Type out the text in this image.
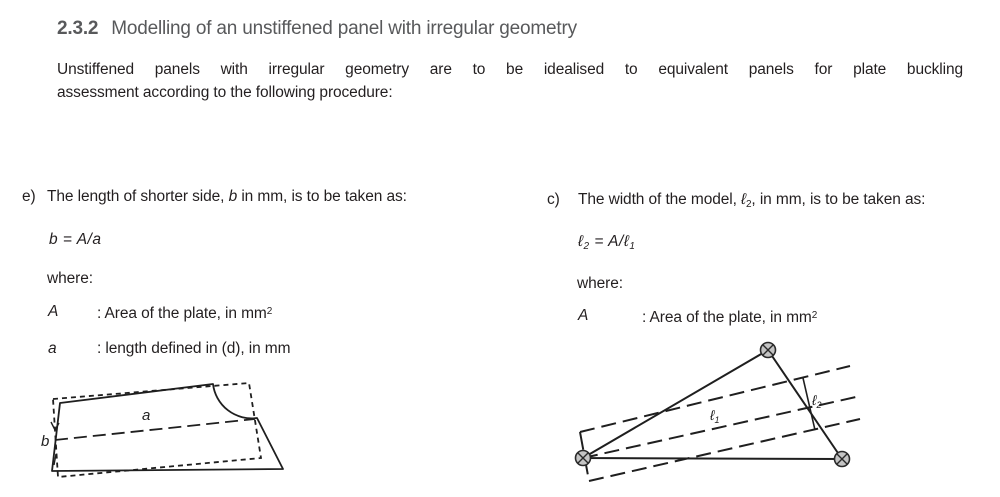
2.3.2 Modelling of an unstiffened panel with irregular geometry
Unstiffened panels with irregular geometry are to be idealised to equivalent panels for plate buckling
assessment according to the following procedure:
e) The length of shorter side, b in mm, is to be taken as:
b = A/a
where:
A	: Area of the plate, in $mm^2$
a	: length defined in (d), in mm
a
b
c) The width of the model, ℓ$_2$, in mm, is to be taken as:
ℓ$_2$ = A/ℓ$_1$
where:
A	: Area of the plate, in $mm^2$
ℓ$_1$
ℓ$_2$
